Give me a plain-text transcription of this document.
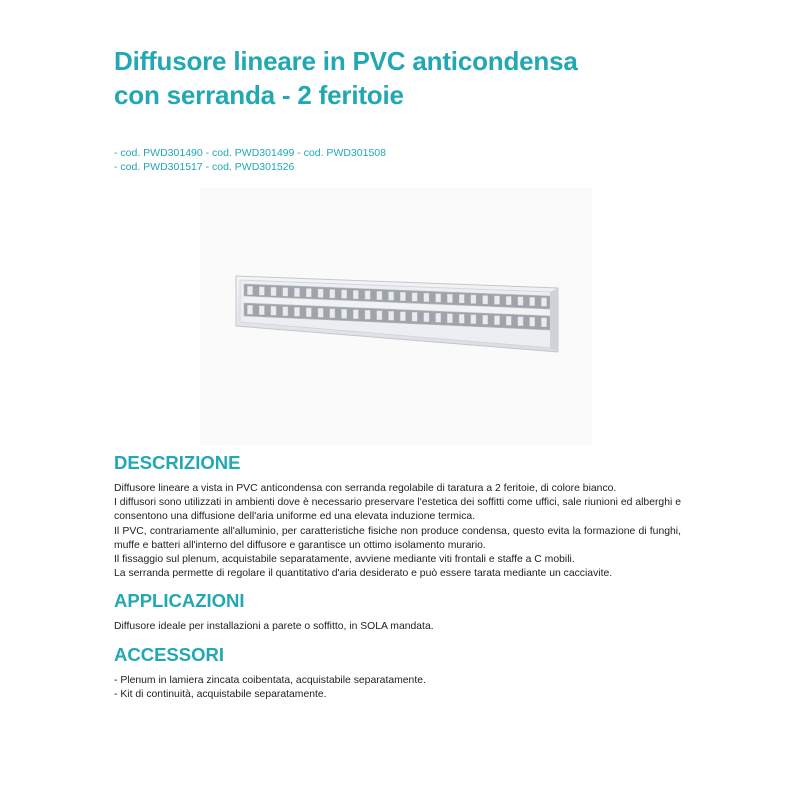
Diffusore lineare in PVC anticondensa
con serranda - 2 feritoie
- cod. PWD301490 - cod. PWD301499 - cod. PWD301508
- cod. PWD301517 - cod. PWD301526
DESCRIZIONE

Diffusore lineare a vista in PVC anticondensa con serranda regolabile di taratura a 2 feritoie, di colore bianco.

I diffusori sono utilizzati in ambienti dove è necessario preservare l'estetica dei soffitti come uffici, sale riunioni ed alberghi e consentono una diffusione dell'aria uniforme ed una elevata induzione termica.

Il PVC, contrariamente all'alluminio, per caratteristiche fisiche non produce condensa, questo evita la formazione di funghi, muffe e batteri all'interno del diffusore e garantisce un ottimo isolamento murario.

Il fissaggio sul plenum, acquistabile separatamente, avviene mediante viti frontali e staffe a C mobili.

La serranda permette di regolare il quantitativo d'aria desiderato e può essere tarata mediante un cacciavite.

APPLICAZIONI

Diffusore ideale per installazioni a parete o soffitto, in SOLA mandata.

ACCESSORI

- Plenum in lamiera zincata coibentata, acquistabile separatamente.

- Kit di continuità, acquistabile separatamente.
